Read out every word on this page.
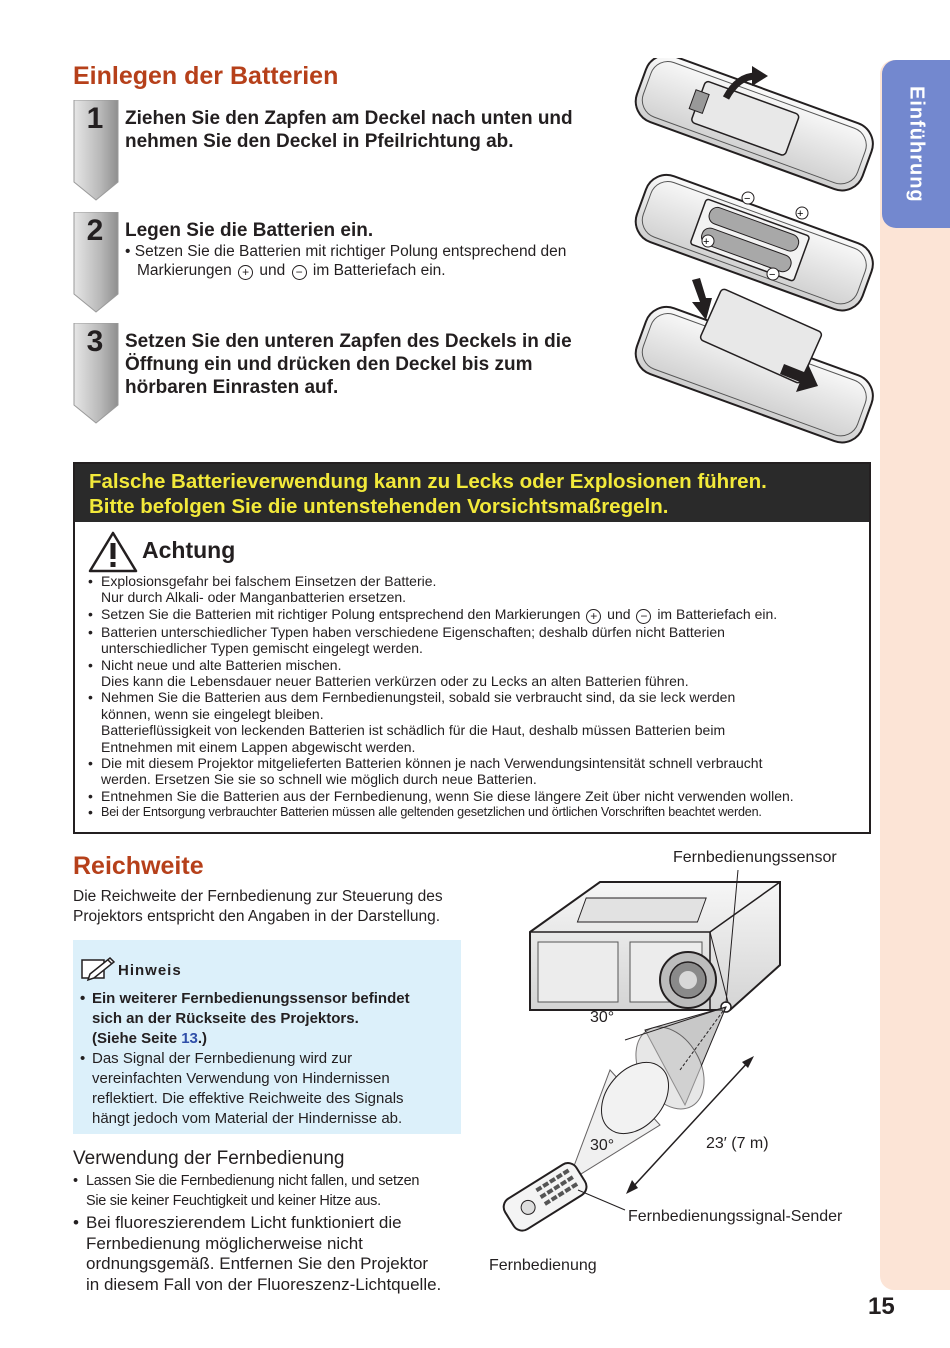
Einführung
Einlegen der Batterien
1	Ziehen Sie den Zapfen am Deckel nach unten und
nehmen Sie den Deckel in Pfeilrichtung ab.
2	Legen Sie die Batterien ein.
• Setzen Sie die Batterien mit richtiger Polung entsprechend den
Markierungen + und − im Batteriefach ein.
3	Setzen Sie den unteren Zapfen des Deckels in die
Öffnung ein und drücken den Deckel bis zum
hörbaren Einrasten auf.
−
+
+
−
Falsche Batterieverwendung kann zu Lecks oder Explosionen führen.
Bitte befolgen Sie die untenstehenden Vorsichtsmaßregeln.
Achtung
• Explosionsgefahr bei falschem Einsetzen der Batterie.
Nur durch Alkali- oder Manganbatterien ersetzen.
• Setzen Sie die Batterien mit richtiger Polung entsprechend den Markierungen + und − im Batteriefach ein.
• Batterien unterschiedlicher Typen haben verschiedene Eigenschaften; deshalb dürfen nicht Batterien
unterschiedlicher Typen gemischt eingelegt werden.
• Nicht neue und alte Batterien mischen.
Dies kann die Lebensdauer neuer Batterien verkürzen oder zu Lecks an alten Batterien führen.
• Nehmen Sie die Batterien aus dem Fernbedienungsteil, sobald sie verbraucht sind, da sie leck werden
können, wenn sie eingelegt bleiben.
Batterieflüssigkeit von leckenden Batterien ist schädlich für die Haut, deshalb müssen Batterien beim
Entnehmen mit einem Lappen abgewischt werden.
• Die mit diesem Projektor mitgelieferten Batterien können je nach Verwendungsintensität schnell verbraucht
werden. Ersetzen Sie sie so schnell wie möglich durch neue Batterien.
• Entnehmen Sie die Batterien aus der Fernbedienung, wenn Sie diese längere Zeit über nicht verwenden wollen.
• Bei der Entsorgung verbrauchter Batterien müssen alle geltenden gesetzlichen und örtlichen Vorschriften beachtet werden.
Reichweite
Die Reichweite der Fernbedienung zur Steuerung des
Projektors entspricht den Angaben in der Darstellung.
Hinweis
• Ein weiterer Fernbedienungssensor befindet
sich an der Rückseite des Projektors.
(Siehe Seite 13.)
• Das Signal der Fernbedienung wird zur
vereinfachten Verwendung von Hindernissen
reflektiert. Die effektive Reichweite des Signals
hängt jedoch vom Material der Hindernisse ab.
Verwendung der Fernbedienung
• Lassen Sie die Fernbedienung nicht fallen, und setzen
Sie sie keiner Feuchtigkeit und keiner Hitze aus.
• Bei fluoreszierendem Licht funktioniert die
Fernbedienung möglicherweise nicht
ordnungsgemäß. Entfernen Sie den Projektor
in diesem Fall von der Fluoreszenz-Lichtquelle.
Fernbedienungssensor
30°
30°	23′ (7 m)
Fernbedienungssignal-Sender
Fernbedienung
15
